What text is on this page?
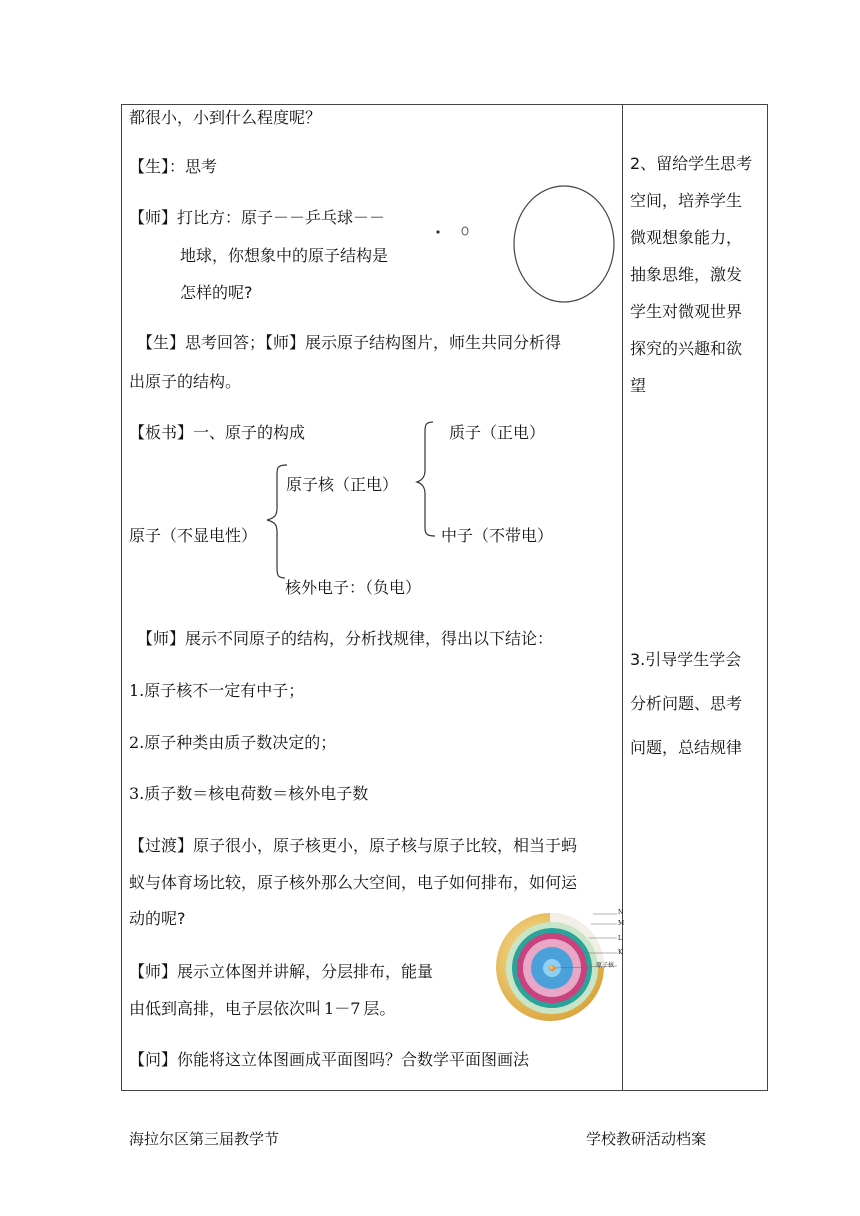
都很小，小到什么程度呢？
【生】：思考
【师】打比方：原子－－乒乓球－－
地球，你想象中的原子结构是
怎样的呢?
【生】思考回答；【师】展示原子结构图片，师生共同分析得
出原子的结构。
【板书】一、原子的构成	质子（正电）
原子核（正电）
原子（不显电性）	中子（不带电）
核外电子：（负电）
【师】展示不同原子的结构，分析找规律，得出以下结论：
1.原子核不一定有中子；
2.原子种类由质子数决定的；
3.质子数＝核电荷数＝核外电子数
【过渡】原子很小，原子核更小，原子核与原子比较，相当于蚂
蚁与体育场比较，原子核外那么大空间，电子如何排布，如何运
动的呢?
【师】展示立体图并讲解，分层排布，能量
由低到高排，电子层依次叫 1－7 层。
N
M
L
K
原子核
【问】你能将这立体图画成平面图吗？合数学平面图画法
2、留给学生思考
空间，培养学生
微观想象能力，
抽象思维，激发
学生对微观世界
探究的兴趣和欲
望
3.引导学生学会
分析问题、思考
问题，总结规律
海拉尔区第三届教学节	学校教研活动档案
